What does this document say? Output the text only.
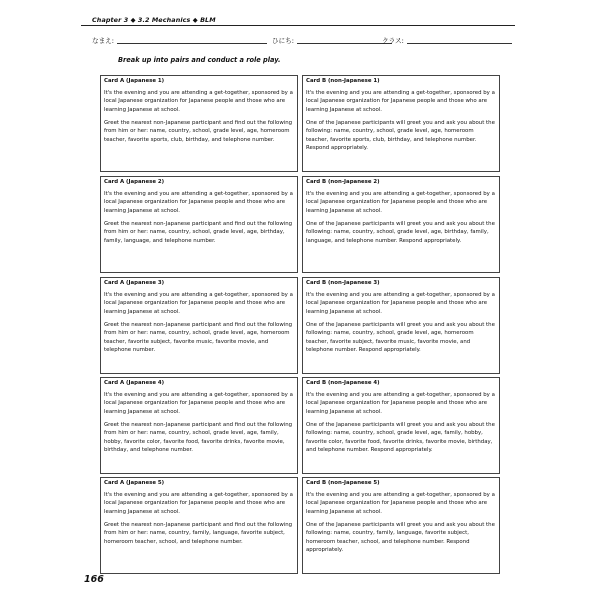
Chapter 3 ◆ 3.2 Mechanics ◆ BLM
なまえ:	ひにち:	クラス:
Break up into pairs and conduct a role play.
Card A (Japanese 1)

It's the evening and you are attending a get-together, sponsored by a local Japanese organization for Japanese people and those who are learning Japanese at school.

Greet the nearest non-Japanese participant and find out the following from him or her: name, country, school, grade level, age, homeroom teacher, favorite sports, club, birthday, and telephone number.

Card B (non-Japanese 1)

It's the evening and you are attending a get-together, sponsored by a local Japanese organization for Japanese people and those who are learning Japanese at school.

One of the Japanese participants will greet you and ask you about the following: name, country, school, grade level, age, homeroom teacher, favorite sports, club, birthday, and telephone number. Respond appropriately.

Card A (Japanese 2)

It's the evening and you are attending a get-together, sponsored by a local Japanese organization for Japanese people and those who are learning Japanese at school.

Greet the nearest non-Japanese participant and find out the following from him or her: name, country, school, grade level, age, birthday, family, language, and telephone number.

Card B (non-Japanese 2)

It's the evening and you are attending a get-together, sponsored by a local Japanese organization for Japanese people and those who are learning Japanese at school.

One of the Japanese participants will greet you and ask you about the following: name, country, school, grade level, age, birthday, family, language, and telephone number. Respond appropriately.

Card A (Japanese 3)

It's the evening and you are attending a get-together, sponsored by a local Japanese organization for Japanese people and those who are learning Japanese at school.

Greet the nearest non-Japanese participant and find out the following from him or her: name, country, school, grade level, age, homeroom teacher, favorite subject, favorite music, favorite movie, and telephone number.

Card B (non-Japanese 3)

It's the evening and you are attending a get-together, sponsored by a local Japanese organization for Japanese people and those who are learning Japanese at school.

One of the Japanese participants will greet you and ask you about the following: name, country, school, grade level, age, homeroom teacher, favorite subject, favorite music, favorite movie, and telephone number. Respond appropriately.

Card A (Japanese 4)

It's the evening and you are attending a get-together, sponsored by a local Japanese organization for Japanese people and those who are learning Japanese at school.

Greet the nearest non-Japanese participant and find out the following from him or her: name, country, school, grade level, age, family, hobby, favorite color, favorite food, favorite drinks, favorite movie, birthday, and telephone number.

Card B (non-Japanese 4)

It's the evening and you are attending a get-together, sponsored by a local Japanese organization for Japanese people and those who are learning Japanese at school.

One of the Japanese participants will greet you and ask you about the following: name, country, school, grade level, age, family, hobby, favorite color, favorite food, favorite drinks, favorite movie, birthday, and telephone number. Respond appropriately.

Card A (Japanese 5)

It's the evening and you are attending a get-together, sponsored by a local Japanese organization for Japanese people and those who are learning Japanese at school.

Greet the nearest non-Japanese participant and find out the following from him or her: name, country, family, language, favorite subject, homeroom teacher, school, and telephone number.

Card B (non-Japanese 5)

It's the evening and you are attending a get-together, sponsored by a local Japanese organization for Japanese people and those who are learning Japanese at school.

One of the Japanese participants will greet you and ask you about the following: name, country, family, language, favorite subject, homeroom teacher, school, and telephone number. Respond appropriately.

166
